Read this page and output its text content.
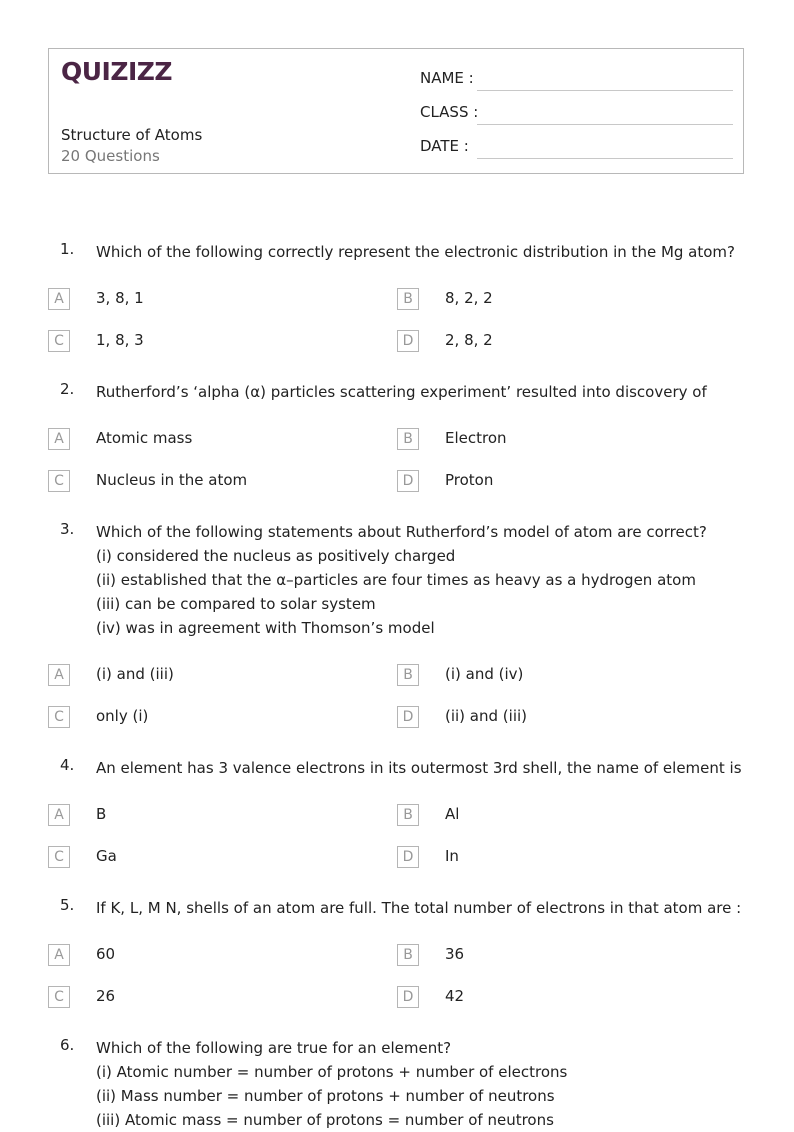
QUIZIZZ
Structure of Atoms
20 Questions
NAME :
CLASS :
DATE :
1. Which of the following correctly represent the electronic distribution in the Mg atom?
A	3, 8, 1	B	8, 2, 2
C	1, 8, 3	D	2, 8, 2
2. Rutherford’s ‘alpha (α) particles scattering experiment’ resulted into discovery of
A	Atomic mass	B	Electron
C	Nucleus in the atom	D	Proton
3. Which of the following statements about Rutherford’s model of atom are correct?
(i) considered the nucleus as positively charged
(ii) established that the α–particles are four times as heavy as a hydrogen atom
(iii) can be compared to solar system
(iv) was in agreement with Thomson’s model
A	(i) and (iii)	B	(i) and (iv)
C	only (i)	D	(ii) and (iii)
4. An element has 3 valence electrons in its outermost 3rd shell, the name of element is
A	B	B	Al
C	Ga	D	In
5. If K, L, M N, shells of an atom are full. The total number of electrons in that atom are :
A	60	B	36
C	26	D	42
6. Which of the following are true for an element?
(i) Atomic number = number of protons + number of electrons
(ii) Mass number = number of protons + number of neutrons
(iii) Atomic mass = number of protons = number of neutrons
